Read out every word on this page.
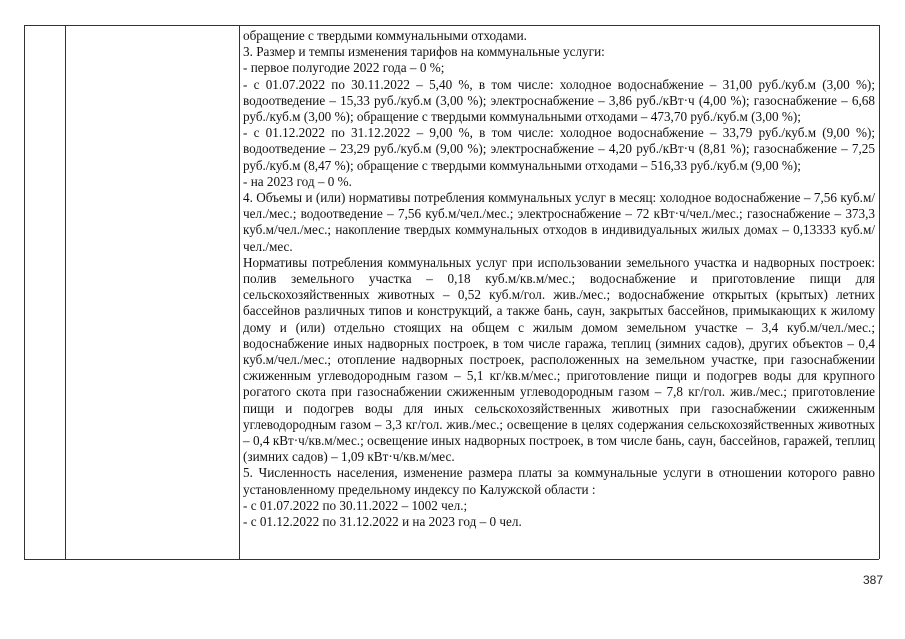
обращение с твердыми коммунальными отходами.

3. Размер и темпы изменения тарифов на коммунальные услуги:

- первое полугодие 2022 года – 0 %;

- с 01.07.2022 по 30.11.2022 – 5,40 %, в том числе: холодное водоснабжение – 31,00 руб./куб.м (3,00 %); водоотведение – 15,33 руб./куб.м (3,00 %); электроснабжение – 3,86 руб./кВт·ч (4,00 %); газоснабжение – 6,68 руб./куб.м (3,00 %); обращение с твердыми коммунальными отходами – 473,70 руб./куб.м (3,00 %);

- с 01.12.2022 по 31.12.2022 – 9,00 %, в том числе: холодное водоснабжение – 33,79 руб./куб.м (9,00 %); водоотведение – 23,29 руб./куб.м (9,00 %); электроснабжение – 4,20 руб./кВт·ч (8,81 %); газоснабжение – 7,25 руб./куб.м (8,47 %); обращение с твердыми коммунальными отходами – 516,33 руб./куб.м (9,00 %);

- на 2023 год – 0 %.

4. Объемы и (или) нормативы потребления коммунальных услуг в месяц: холодное водоснабжение – 7,56 куб.м/чел./мес.; водоотведение – 7,56 куб.м/чел./мес.; электроснабжение – 72 кВт·ч/чел./мес.; газоснабжение – 373,3 куб.м/чел./мес.; накопление твердых коммунальных отходов в индивидуальных жилых домах – 0,13333 куб.м/чел./мес.

Нормативы потребления коммунальных услуг при использовании земельного участка и надворных построек: полив земельного участка – 0,18 куб.м/кв.м/мес.; водоснабжение и приготовление пищи для сельскохозяйственных животных – 0,52 куб.м/гол. жив./мес.; водоснабжение открытых (крытых) летних бассейнов различных типов и конструкций, а также бань, саун, закрытых бассейнов, примыкающих к жилому дому и (или) отдельно стоящих на общем с жилым домом земельном участке – 3,4 куб.м/чел./мес.; водоснабжение иных надворных построек, в том числе гаража, теплиц (зимних садов), других объектов – 0,4 куб.м/чел./мес.; отопление надворных построек, расположенных на земельном участке, при газоснабжении сжиженным углеводородным газом – 5,1 кг/кв.м/мес.; приготовление пищи и подогрев воды для крупного рогатого скота при газоснабжении сжиженным углеводородным газом – 7,8 кг/гол. жив./мес.; приготовление пищи и подогрев воды для иных сельскохозяйственных животных при газоснабжении сжиженным углеводородным газом – 3,3 кг/гол. жив./мес.; освещение в целях содержания сельскохозяйственных животных – 0,4 кВт·ч/кв.м/мес.; освещение иных надворных построек, в том числе бань, саун, бассейнов, гаражей, теплиц (зимних садов) – 1,09 кВт·ч/кв.м/мес.

5. Численность населения, изменение размера платы за коммунальные услуги в отношении которого равно установленному предельному индексу по Калужской области :

- с 01.07.2022 по 30.11.2022 – 1002 чел.;

- с 01.12.2022 по 31.12.2022 и на 2023 год – 0 чел.

387
